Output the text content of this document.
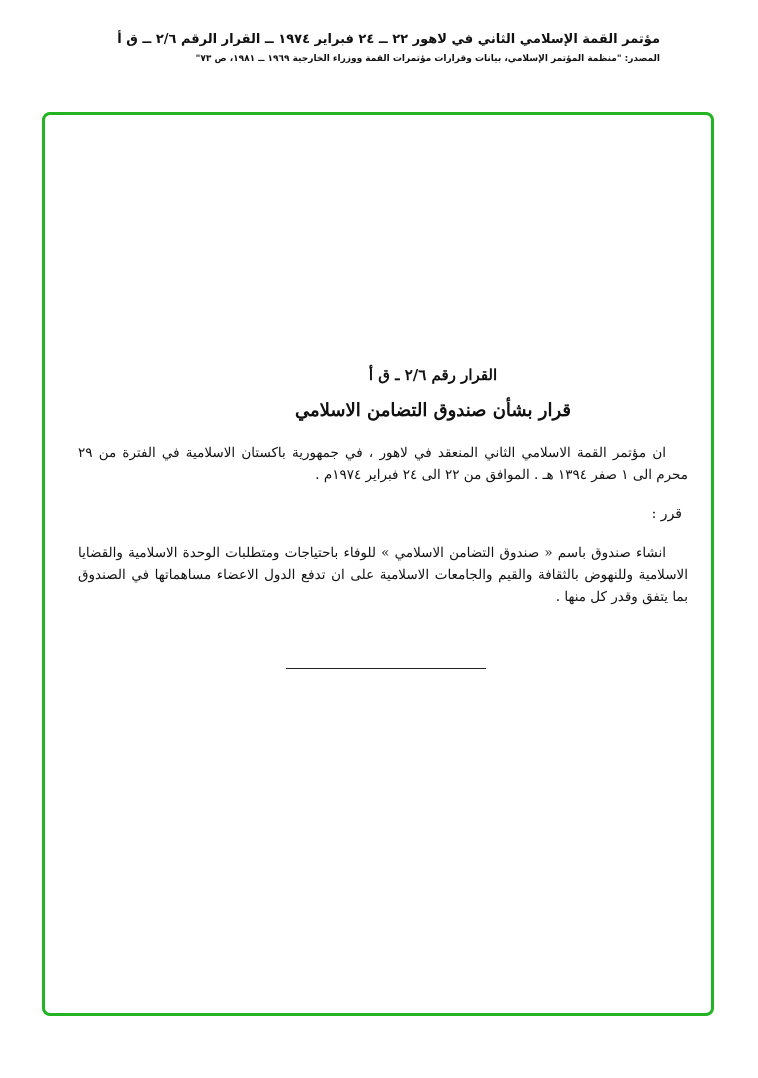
مؤتمر القمة الإسلامي الثاني في لاهور ٢٢ ــ ٢٤ فبراير ١٩٧٤ ــ القرار الرقم ٢/٦ ــ ق أ
المصدر: "منظمة المؤتمر الإسلامي، بيانات وقرارات مؤتمرات القمة ووزراء الخارجية ١٩٦٩ ــ ١٩٨١، ص ٧٣"
القرار رقم ٢/٦ ـ ق أ
قرار بشأن صندوق التضامن الاسلامي
ان مؤتمر القمة الاسلامي الثاني المنعقد في لاهور ، في جمهورية باكستان الاسلامية في الفترة من ٢٩ محرم الى ١ صفر ١٣٩٤ هـ . الموافق من ٢٢ الى ٢٤ فبراير ١٩٧٤م .
قرر :
انشاء صندوق باسم « صندوق التضامن الاسلامي » للوفاء باحتياجات ومتطلبات الوحدة الاسلامية والقضايا الاسلامية وللنهوض بالثقافة والقيم والجامعات الاسلامية على ان تدفع الدول الاعضاء مساهماتها في الصندوق بما يتفق وقدر كل منها .
